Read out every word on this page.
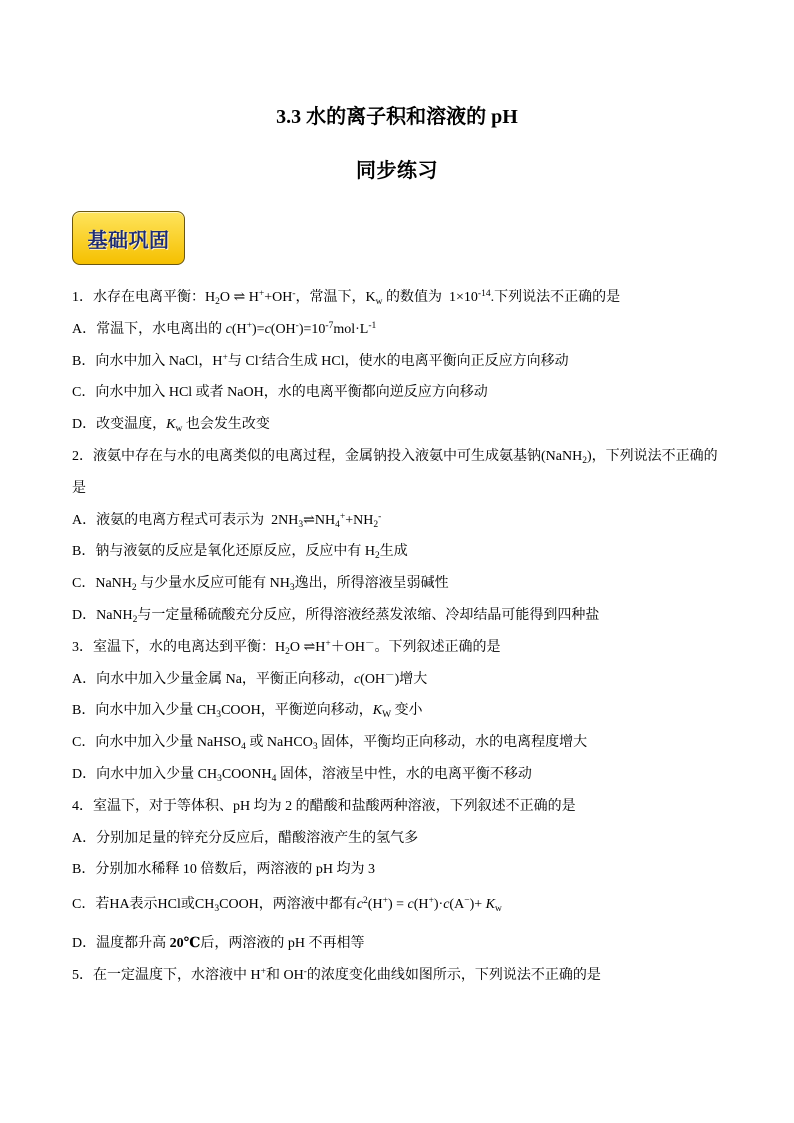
3.3 水的离子积和溶液的 pH
同步练习
基础巩固
1．水存在电离平衡：$H_2O$ ⇌ H++OH-，常温下，$K_w$ 的数值为  $1\times 10^{-14}$.下列说法不正确的是
A．常温下，水电离出的 $c(H^+)=c(OH^-)=10^{-7}mol\cdot L^{-1}$
B．向水中加入 NaCl，H+与 Cl-结合生成 HCl，使水的电离平衡向正反应方向移动
C．向水中加入 HCl 或者 NaOH，水的电离平衡都向逆反应方向移动
D．改变温度，$K_w$ 也会发生改变
2．液氨中存在与水的电离类似的电离过程，金属钠投入液氨中可生成氨基钠(NaNH$_2$)，下列说法不正确的
是
A．液氨的电离方程式可表示为  $2NH_3\rightleftharpoons NH_4^++NH_2^-$
B．钠与液氨的反应是氧化还原反应，反应中有 $H_2$生成
C．NaNH$_2$ 与少量水反应可能有 $NH_3$逸出，所得溶液呈弱碱性
D．NaNH$_2$与一定量稀硫酸充分反应，所得溶液经蒸发浓缩、冷却结晶可能得到四种盐
3．室温下，水的电离达到平衡：$H_2O$ ⇌H+＋OH－。下列叙述正确的是
A．向水中加入少量金属 Na，平衡正向移动，c(OH－)增大
B．向水中加入少量 $CH_3COOH$，平衡逆向移动，$K_W$ 变小
C．向水中加入少量 NaHSO$_4$ 或 NaHCO$_3$ 固体，平衡均正向移动，水的电离程度增大
D．向水中加入少量 $CH_3COONH_4$ 固体，溶液呈中性，水的电离平衡不移动
4．室温下，对于等体积、pH 均为 2 的醋酸和盐酸两种溶液，下列叙述不正确的是
A．分别加足量的锌充分反应后，醋酸溶液产生的氢气多
B．分别加水稀释 10 倍数后，两溶液的 pH 均为 3
C．若HA表示HCl或$CH_3COOH$，两溶液中都有$c^2(H^+) = c(H^+)\cdot c(A^-)+ K_w$
D．温度都升高 20℃后，两溶液的 pH 不再相等
5．在一定温度下，水溶液中 H+和 OH-的浓度变化曲线如图所示，下列说法不正确的是
